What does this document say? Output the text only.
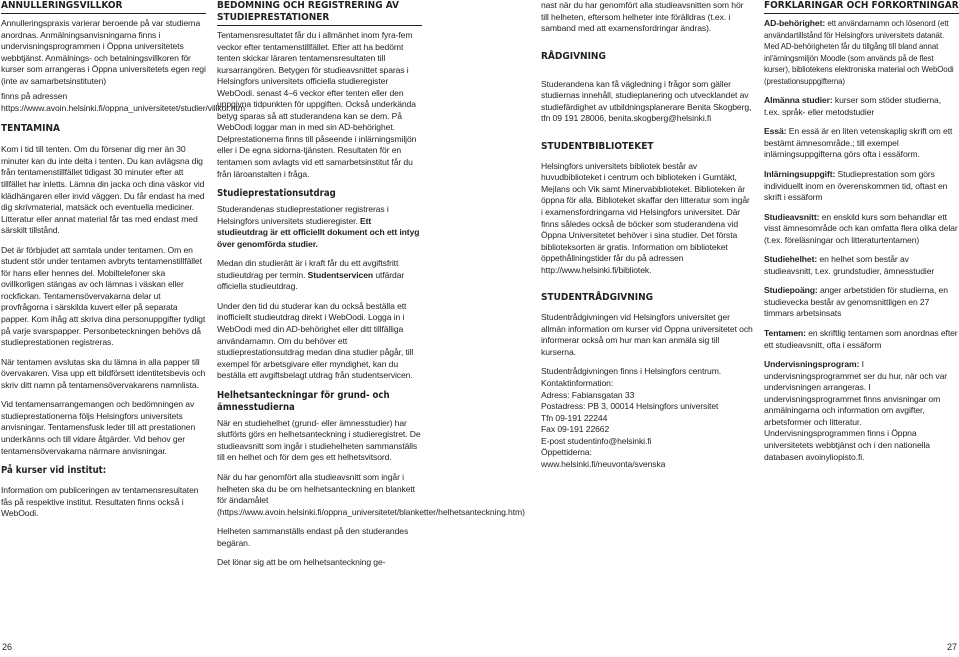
ANNULLERINGSVILLKOR

Annulleringspraxis varierar beroende på var studierna anordnas. Anmälningsanvisningarna finns i undervisningsprogrammen i Öppna universitetets webbtjänst. Anmälnings- och betalningsvillkoren för kurser som arrangeras i Öppna universitetets egen regi (inte av samarbetsinstituten)

finns på adressen https://www.avoin.helsinki.fi/oppna_universitetet/studier/villkor.htm

TENTAMINA

Kom i tid till tenten. Om du försenar dig mer än 30 minuter kan du inte delta i tenten. Du kan avlägsna dig från tentamenstillfället tidigast 30 minuter efter att tillfället har inletts. Lämna din jacka och dina väskor vid klädhängaren eller invid väggen. Du får endast ha med dig skrivmaterial, matsäck och eventuella mediciner. Litteratur eller annat material får tas med endast med särskilt tillstånd.

Det är förbjudet att samtala under tentamen. Om en student stör under tentamen avbryts tentamenstillfället för hans eller hennes del. Mobiltelefoner ska ovillkorligen stängas av och lämnas i väskan eller rockfickan. Tentamensövervakarna delar ut provfrågorna i särskilda kuvert eller på separata papper. Kom ihåg att skriva dina personuppgifter tydligt på varje svarspapper. Personbeteckningen behövs då studieprestationen registreras.

När tentamen avslutas ska du lämna in alla papper till övervakaren. Visa upp ett bildförsett identitetsbevis och skriv ditt namn på tentamensövervakarens namnlista.

Vid tentamensarrangemangen och bedömningen av studieprestationerna följs Helsingfors universitets anvisningar. Tentamensfusk leder till att prestationen underkänns och till vidare åtgärder. Vid behov ger tentamensövervakarna närmare anvisningar.

På kurser vid institut:

Information om publiceringen av tentamensresultaten fås på respektive institut. Resultaten finns också i WebOodi.

BEDÖMNING OCH REGISTRERING AV STUDIEPRESTATIONER

Tentamensresultatet får du i allmänhet inom fyra-fem veckor efter tentamenstillfället. Efter att ha bedömt tenten skickar läraren tentamensresultaten till kursarrangören. Betygen för studieavsnittet sparas i Helsingfors universitets officiella studieregister WebOodi. senast 4–6 veckor efter tenten eller den uppgivna tidpunkten för uppgiften. Också underkända betyg sparas så att studerandena kan se dem. På WebOodi loggar man in med sin AD-behörighet. Delprestationerna finns till påseende i inlärningsmiljön eller i De egna sidorna-tjänsten. Resultaten för en tentamen som avlagts vid ett samarbetsinstitut får du från läroanstalten i fråga.

Studieprestationsutdrag

Studerandenas studieprestationer registreras i Helsingfors universitets studieregister. Ett studieutdrag är ett officiellt dokument och ett intyg över genomförda studier.

Medan din studierätt är i kraft får du ett avgiftsfritt studieutdrag per termin. Studentservicen utfärdar officiella studieutdrag.

Under den tid du studerar kan du också beställa ett inofficiellt studieutdrag direkt i WebOodi. Logga in i WebOodi med din AD-behörighet eller ditt tillfälliga användarnamn. Om du behöver ett studieprestationsutdrag medan dina studier pågår, till exempel för arbetsgivare eller myndighet, kan du beställa ett avgiftsbelagt utdrag från studentservicen.

Helhetsanteckningar för grund- och ämnesstudierna

När en studiehelhet (grund- eller ämnesstudier) har slutförts görs en helhetsanteckning i studieregistret. De studieavsnitt som ingår i studiehelheten sammanställs till en helhet och för dem ges ett helhetsvitsord.

När du har genomfört alla studieavsnitt som ingår i helheten ska du be om helhetsanteckning en blankett för ändamålet (https://www.avoin.helsinki.fi/oppna_universitetet/blanketter/helhetsanteckning.htm)

Helheten sammanställs endast på den studerandes begäran.

Det lönar sig att be om helhetsanteckning ge-

nast när du har genomfört alla studieavsnitten som hör till helheten, eftersom helheter inte förälldras (t.ex. i samband med att examensfordringar ändras).

RÅDGIVNING

Studerandena kan få vägledning i frågor som gäller studiernas innehåll, studieplanering och utvecklandet av studiefärdighet av utbildningsplanerare Benita Skogberg, tfn 09 191 28006, benita.skogberg@helsinki.fi

STUDENTBIBLIOTEKET

Helsingfors universitets bibliotek består av huvudbiblioteket i centrum och biblioteken i Gumtäkt, Mejlans och Vik samt Minervabiblioteket. Biblioteken är öppna för alla. Biblioteket skaffar den litteratur som ingår i examensfordringarna vid Helsingfors universitet. Där finns således också de böcker som studerandena vid Öppna Universitetet behöver i sina studier. Det första biblioteksorten är gratis. Information om biblioteket öppethållningstider får du på adressen http://www.helsinki.fi/bibliotek.

STUDENTRÅDGIVNING

Studentrådgivningen vid Helsingfors universitet ger allmän information om kurser vid Öppna universitetet och informerar också om hur man kan anmäla sig till kurserna.

Studentrådgivningen finns i Helsingfors centrum.

Kontaktinformation:
Adress: Fabiansgatan 33
Postadress: PB 3, 00014 Helsingfors universitet
Tfn 09-191 22244
Fax 09-191 22662
E-post studentinfo@helsinki.fi
Öppettiderna:
www.helsinki.fi/neuvonta/svenska
FÖRKLARINGAR OCH FÖRKORTNINGAR

AD-behörighet: ett användarnamn och lösenord (ett användartillstånd för Helsingfors universitets datanät. Med AD-behörigheten får du tillgång till bland annat inl'ärningsmiljön Moodle (som används på de flest kurser), bibliotekens elektroniska material och WebOodi (prestationsuppgifterna)

Almänna studier: kurser som stöder studierna, t.ex. språk- eller metodstudier

Essä: En essä är en liten vetenskaplig skrift om ett bestämt ämnesområde.; till exempel inlärningsuppgifterna görs ofta i essäform.

Inlärningsuppgift: Studieprestation som görs individuellt inom en överenskommen tid, oftast en skrift i essäform

Studieavsnitt: en enskild kurs som behandlar ett visst ämnesområde och kan omfatta flera olika delar (t.ex. föreläsningar och litteraturtentamen)

Studiehelhet: en helhet som består av studieavsnitt, t.ex. grundstudier, ämnesstudier

Studiepoäng: anger arbetstiden för studierna, en studievecka består av genomsnittligen en 27 timmars arbetsinsats

Tentamen: en skriftlig tentamen som anordnas efter ett studieavsnitt, ofta i essäform

Undervisningsprogram: I undervisningsprogrammet ser du hur, när och var undervisningen arrangeras. I undervisningsprogrammet finns anvisningar om anmälningarna och information om avgifter, arbetsformer och litteratur. Undervisningsprogrammen finns i Öppna universitetets webbtjänst och i den nationella databasen avoinyliopisto.fi.

26	27
